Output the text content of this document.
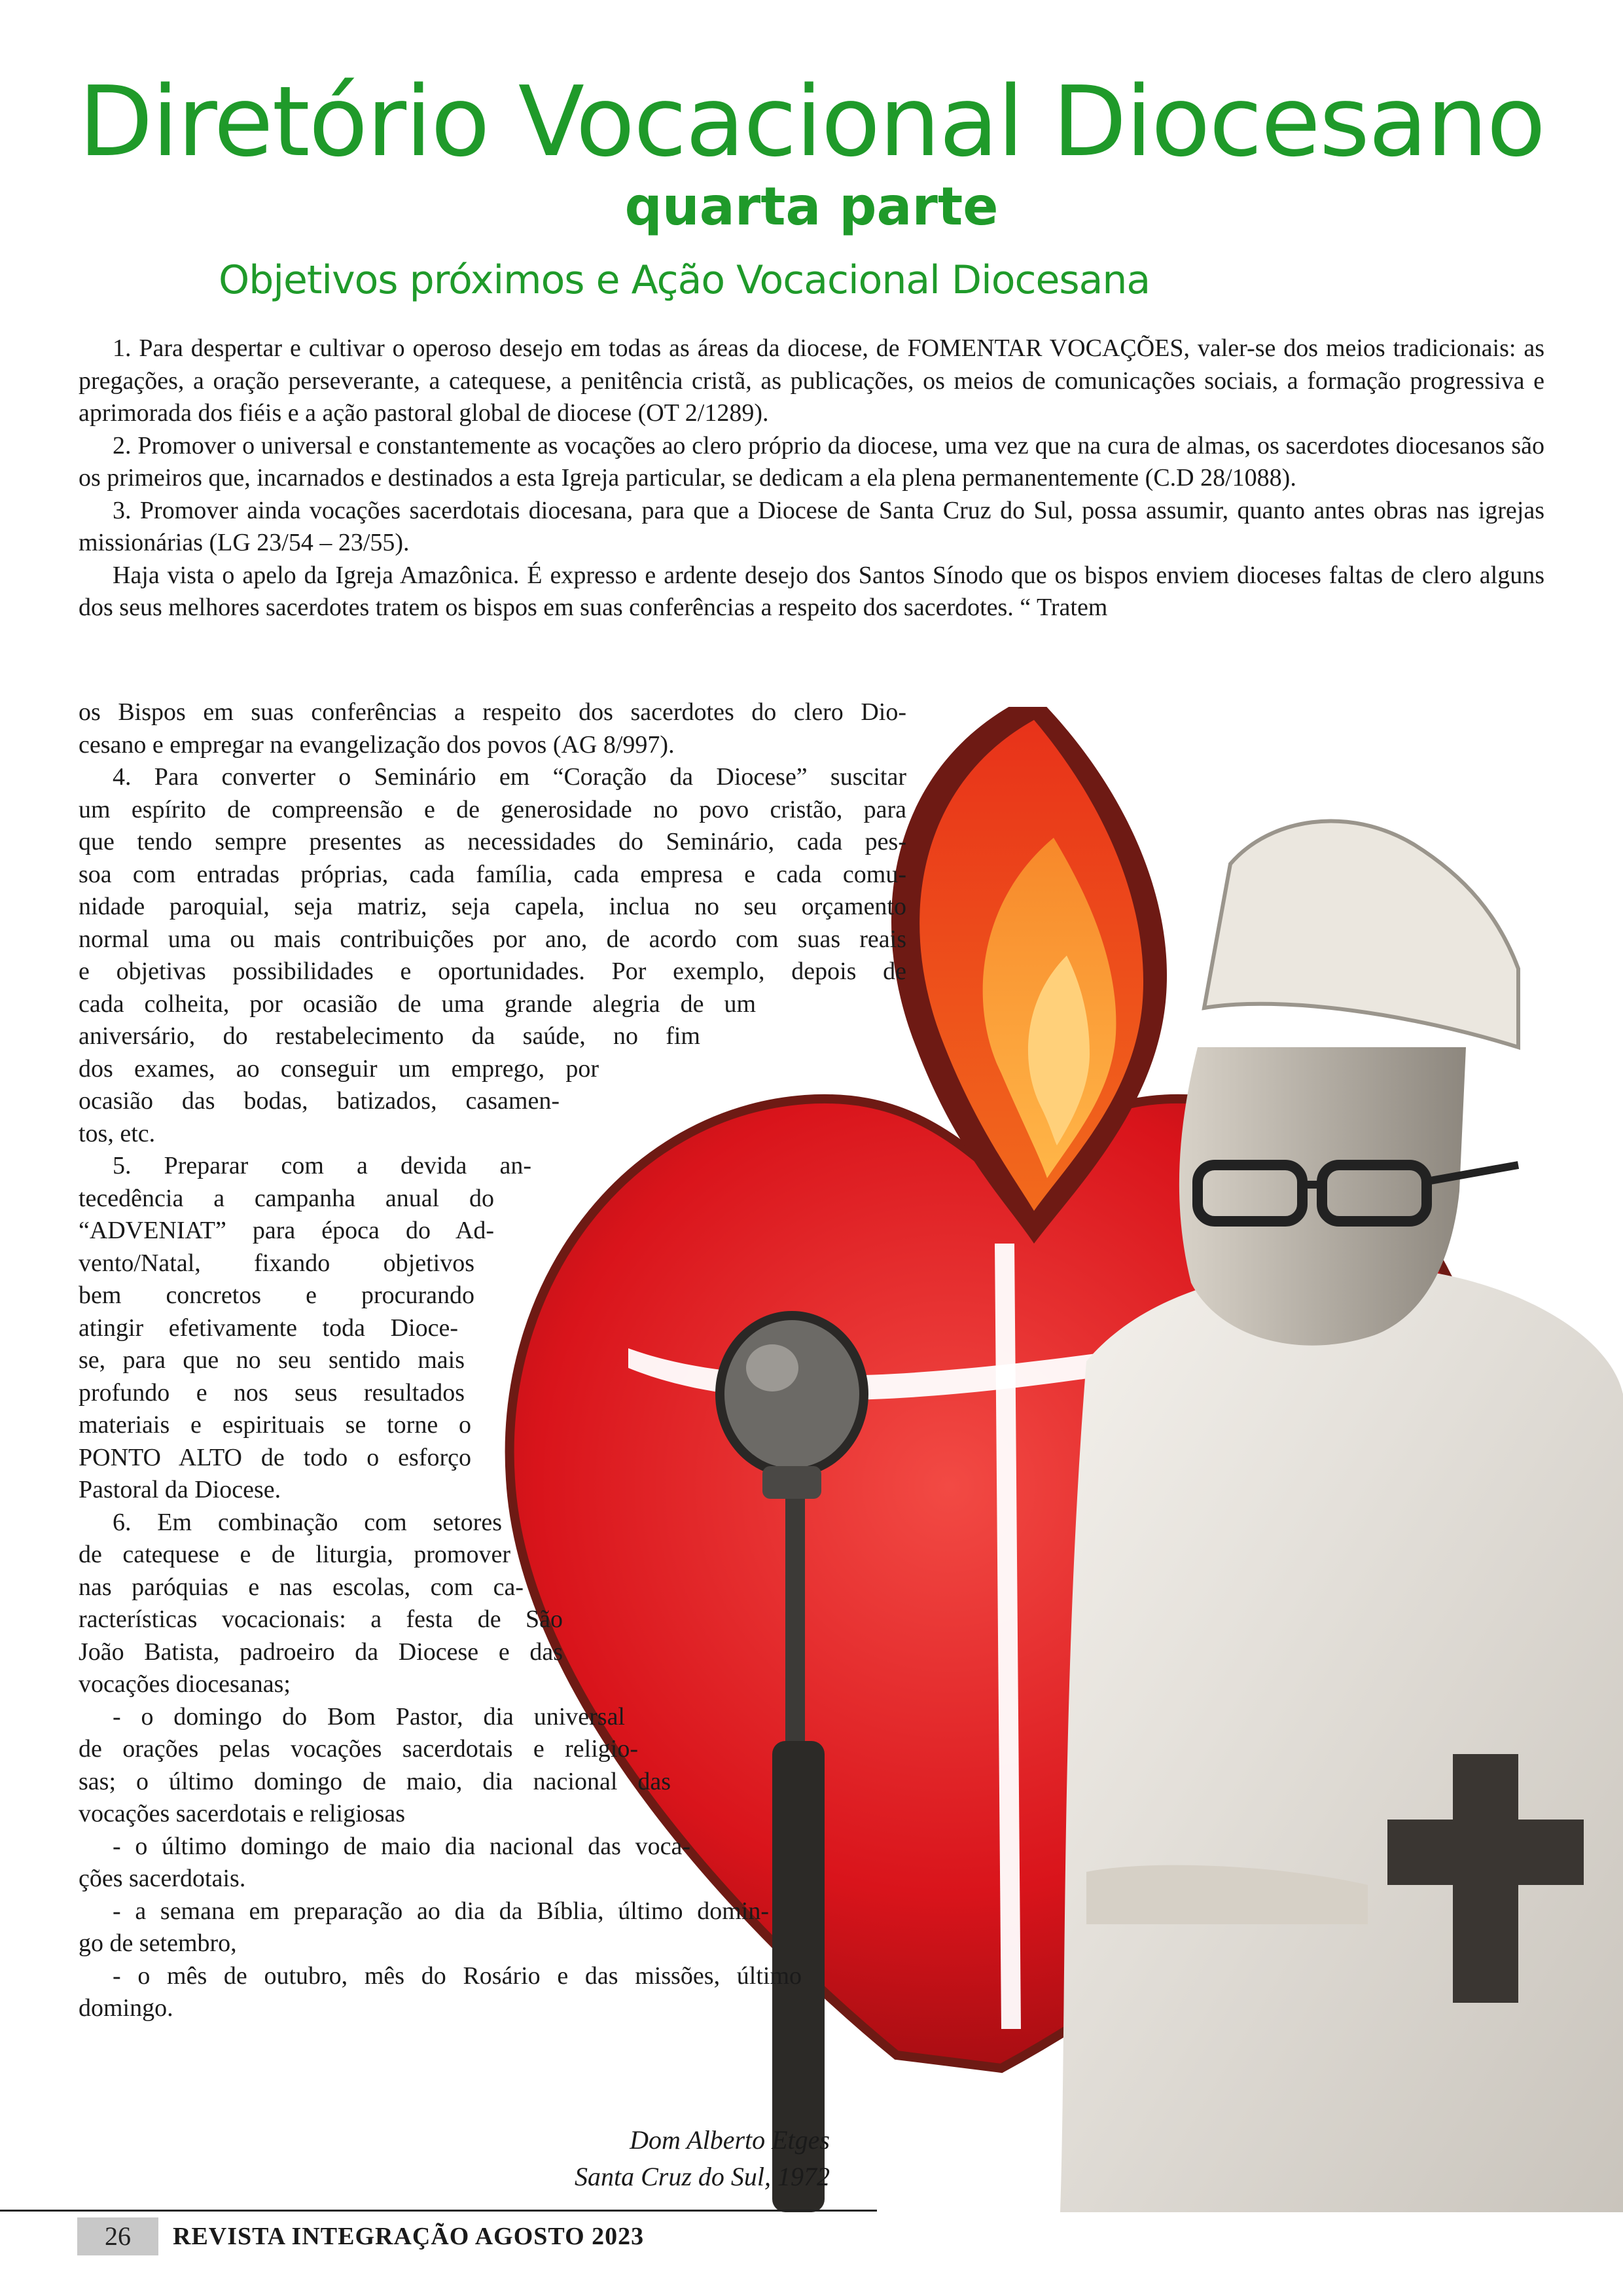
Diretório Vocacional Diocesano
quarta parte
Objetivos próximos e Ação Vocacional Diocesana

1. Para despertar e cultivar o operoso desejo em todas as áreas da diocese, de FOMENTAR VOCAÇÕES, valer-se dos meios tradicionais: as pregações, a oração perseverante, a catequese, a penitência cristã, as publicações, os meios de comunicações sociais, a formação progressiva e aprimorada dos fiéis e a ação pastoral global de diocese (OT 2/1289).

2. Promover o universal e constantemente as vocações ao clero próprio da diocese, uma vez que na cura de almas, os sacerdotes diocesanos são os primeiros que, incarnados e destinados a esta Igreja particular, se dedicam a ela plena permanentemente (C.D 28/1088).

3. Promover ainda vocações sacerdotais diocesana, para que a Diocese de Santa Cruz do Sul, possa assumir, quanto antes obras nas igrejas missionárias (LG 23/54 – 23/55).

Haja vista o apelo da Igreja Amazônica. É expresso e ardente desejo dos Santos Sínodo que os bispos enviem dioceses faltas de clero alguns dos seus melhores sacerdotes tratem os bispos em suas conferências a respeito dos sacerdotes. “ Tratem

os Bispos em suas conferências a respeito dos sacerdotes do clero Dio-
cesano e empregar na evangelização dos povos (AG 8/997).
4. Para converter o Seminário em “Coração da Diocese” suscitar
um espírito de compreensão e de generosidade no povo cristão, para
que tendo sempre presentes as necessidades do Seminário, cada pes-
soa com entradas próprias, cada família, cada empresa e cada comu-
nidade paroquial, seja matriz, seja capela, inclua no seu orçamento
normal uma ou mais contribuições por ano, de acordo com suas reais
e objetivas possibilidades e oportunidades. Por exemplo, depois de
cada colheita, por ocasião de uma grande alegria de um
aniversário, do restabelecimento da saúde, no fim
dos exames, ao conseguir um emprego, por
ocasião das bodas, batizados, casamen-
tos, etc.
5. Preparar com a devida an-
tecedência a campanha anual do
“ADVENIAT” para época do Ad-
vento/Natal, fixando objetivos
bem concretos e procurando
atingir efetivamente toda Dioce-
se, para que no seu sentido mais
profundo e nos seus resultados
materiais e espirituais se torne o
PONTO ALTO de todo o esforço
Pastoral da Diocese.
6. Em combinação com setores
de catequese e de liturgia, promover
nas paróquias e nas escolas, com ca-
racterísticas vocacionais: a festa de São
João Batista, padroeiro da Diocese e das
vocações diocesanas;
- o domingo do Bom Pastor, dia universal
de orações pelas vocações sacerdotais e religio-
sas; o último domingo de maio, dia nacional das
vocações sacerdotais e religiosas
- o último domingo de maio dia nacional das voca-
ções sacerdotais.
- a semana em preparação ao dia da Bíblia, último domin-
go de setembro,
- o mês de outubro, mês do Rosário e das missões, último
domingo.
Dom Alberto Etges
Santa Cruz do Sul, 1972
26	REVISTA INTEGRAÇÃO AGOSTO 2023
